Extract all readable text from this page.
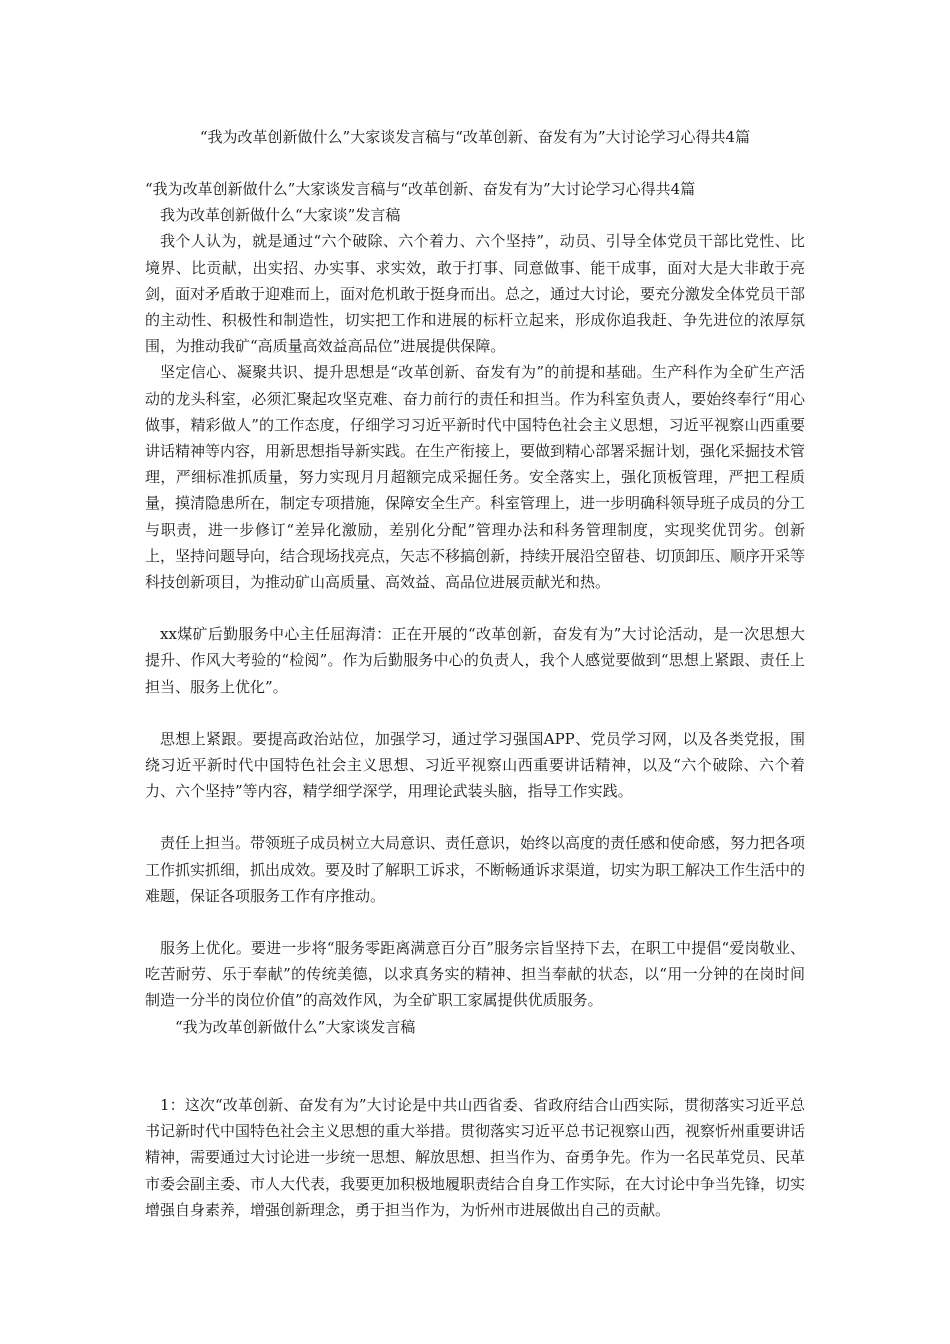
“我为改革创新做什么”大家谈发言稿与“改革创新、奋发有为”大讨论学习心得共4篇

“我为改革创新做什么”大家谈发言稿与“改革创新、奋发有为”大讨论学习心得共4篇

我为改革创新做什么“大家谈”发言稿

我个人认为，就是通过“六个破除、六个着力、六个坚持”，动员、引导全体党员干部比党性、比境界、比贡献，出实招、办实事、求实效，敢于打事、同意做事、能干成事，面对大是大非敢于亮剑，面对矛盾敢于迎难而上，面对危机敢于挺身而出。总之，通过大讨论，要充分激发全体党员干部的主动性、积极性和制造性，切实把工作和进展的标杆立起来，形成你追我赶、争先进位的浓厚氛围，为推动我矿“高质量高效益高品位”进展提供保障。

坚定信心、凝聚共识、提升思想是“改革创新、奋发有为”的前提和基础。生产科作为全矿生产活动的龙头科室，必须汇聚起攻坚克难、奋力前行的责任和担当。作为科室负责人，要始终奉行“用心做事，精彩做人”的工作态度，仔细学习习近平新时代中国特色社会主义思想，习近平视察山西重要讲话精神等内容，用新思想指导新实践。在生产衔接上，要做到精心部署采掘计划，强化采掘技术管理，严细标准抓质量，努力实现月月超额完成采掘任务。安全落实上，强化顶板管理，严把工程质量，摸清隐患所在，制定专项措施，保障安全生产。科室管理上，进一步明确科领导班子成员的分工与职责，进一步修订“差异化激励，差别化分配”管理办法和科务管理制度，实现奖优罚劣。创新上，坚持问题导向，结合现场找亮点，矢志不移搞创新，持续开展沿空留巷、切顶卸压、顺序开采等科技创新项目，为推动矿山高质量、高效益、高品位进展贡献光和热。

xx煤矿后勤服务中心主任屈海清：正在开展的“改革创新，奋发有为”大讨论活动，是一次思想大提升、作风大考验的“检阅”。作为后勤服务中心的负责人，我个人感觉要做到“思想上紧跟、责任上担当、服务上优化”。

思想上紧跟。要提高政治站位，加强学习，通过学习强国APP、党员学习网，以及各类党报，围绕习近平新时代中国特色社会主义思想、习近平视察山西重要讲话精神，以及“六个破除、六个着力、六个坚持”等内容，精学细学深学，用理论武装头脑，指导工作实践。

责任上担当。带领班子成员树立大局意识、责任意识，始终以高度的责任感和使命感，努力把各项工作抓实抓细，抓出成效。要及时了解职工诉求，不断畅通诉求渠道，切实为职工解决工作生活中的难题，保证各项服务工作有序推动。

服务上优化。要进一步将“服务零距离满意百分百”服务宗旨坚持下去，在职工中提倡“爱岗敬业、吃苦耐劳、乐于奉献”的传统美德，以求真务实的精神、担当奉献的状态，以“用一分钟的在岗时间制造一分半的岗位价值”的高效作风，为全矿职工家属提供优质服务。

“我为改革创新做什么”大家谈发言稿

1：这次“改革创新、奋发有为”大讨论是中共山西省委、省政府结合山西实际，贯彻落实习近平总书记新时代中国特色社会主义思想的重大举措。贯彻落实习近平总书记视察山西，视察忻州重要讲话精神，需要通过大讨论进一步统一思想、解放思想、担当作为、奋勇争先。作为一名民革党员、民革市委会副主委、市人大代表，我要更加积极地履职责结合自身工作实际，在大讨论中争当先锋，切实增强自身素养，增强创新理念，勇于担当作为，为忻州市进展做出自己的贡献。
